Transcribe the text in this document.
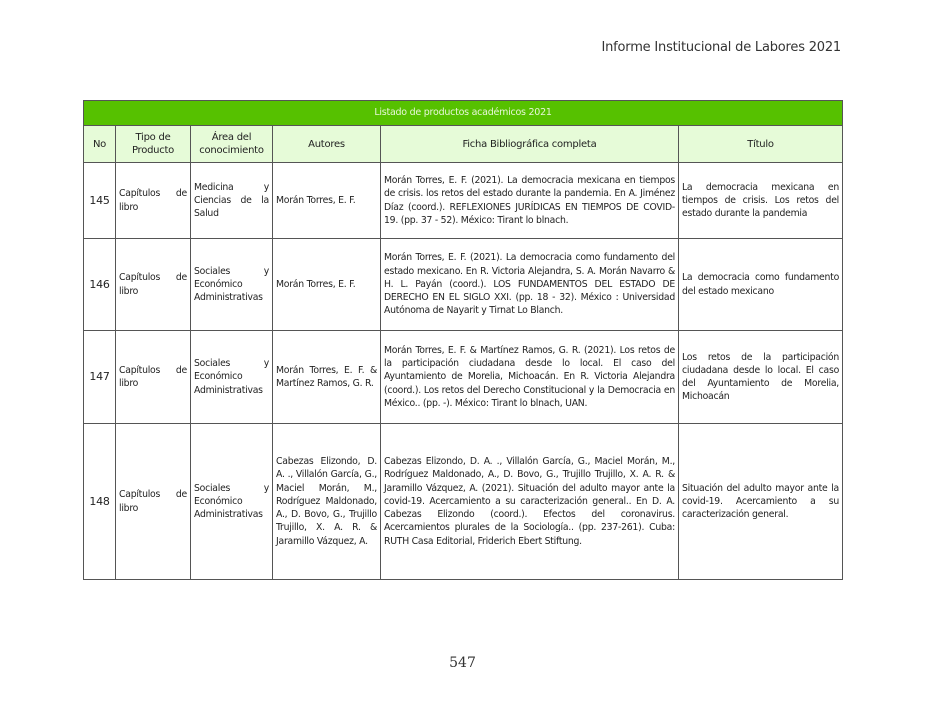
Informe Institucional de Labores 2021
Listado de productos académicos 2021					
No	Tipo de Producto	Área del conocimiento	Autores	Ficha Bibliográfica completa	Título
145	Capítulos de libro	Medicina y Ciencias de la Salud	Morán Torres, E. F.	Morán Torres, E. F. (2021). La democracia mexicana en tiempos de crisis. los retos del estado durante la pandemia. En A. Jiménez Díaz (coord.). REFLEXIONES JURÍDICAS EN TIEMPOS DE COVID-19. (pp. 37 - 52). México: Tirant lo blnach.	La democracia mexicana en tiempos de crisis. Los retos del estado durante la pandemia
146	Capítulos de libro	Sociales y Económico Administrativas	Morán Torres, E. F.	Morán Torres, E. F. (2021). La democracia como fundamento del estado mexicano. En R. Victoria Alejandra, S. A. Morán Navarro & H. L. Payán (coord.). LOS FUNDAMENTOS DEL ESTADO DE DERECHO EN EL SIGLO XXI. (pp. 18 - 32). México : Universidad Autónoma de Nayarit y Tirnat Lo Blanch.	La democracia como fundamento del estado mexicano
147	Capítulos de libro	Sociales y Económico Administrativas	Morán Torres, E. F. & Martínez Ramos, G. R.	Morán Torres, E. F. & Martínez Ramos, G. R. (2021). Los retos de la participación ciudadana desde lo local. El caso del Ayuntamiento de Morelia, Michoacán. En R. Victoria Alejandra (coord.). Los retos del Derecho Constitucional y la Democracia en México.. (pp. -). México: Tirant lo blnach, UAN.	Los retos de la participación ciudadana desde lo local. El caso del Ayuntamiento de Morelia, Michoacán
148	Capítulos de libro	Sociales y Económico Administrativas	Cabezas Elizondo, D. A. ., Villalón García, G., Maciel Morán, M., Rodríguez Maldonado, A., D. Bovo, G., Trujillo Trujillo, X. A. R. & Jaramillo Vázquez, A.	Cabezas Elizondo, D. A. ., Villalón García, G., Maciel Morán, M., Rodríguez Maldonado, A., D. Bovo, G., Trujillo Trujillo, X. A. R. & Jaramillo Vázquez, A. (2021). Situación del adulto mayor ante la covid-19. Acercamiento a su caracterización general.. En D. A. Cabezas Elizondo (coord.). Efectos del coronavirus. Acercamientos plurales de la Sociología.. (pp. 237-261). Cuba: RUTH Casa Editorial, Friderich Ebert Stiftung.	Situación del adulto mayor ante la covid-19. Acercamiento a su caracterización general.
547
